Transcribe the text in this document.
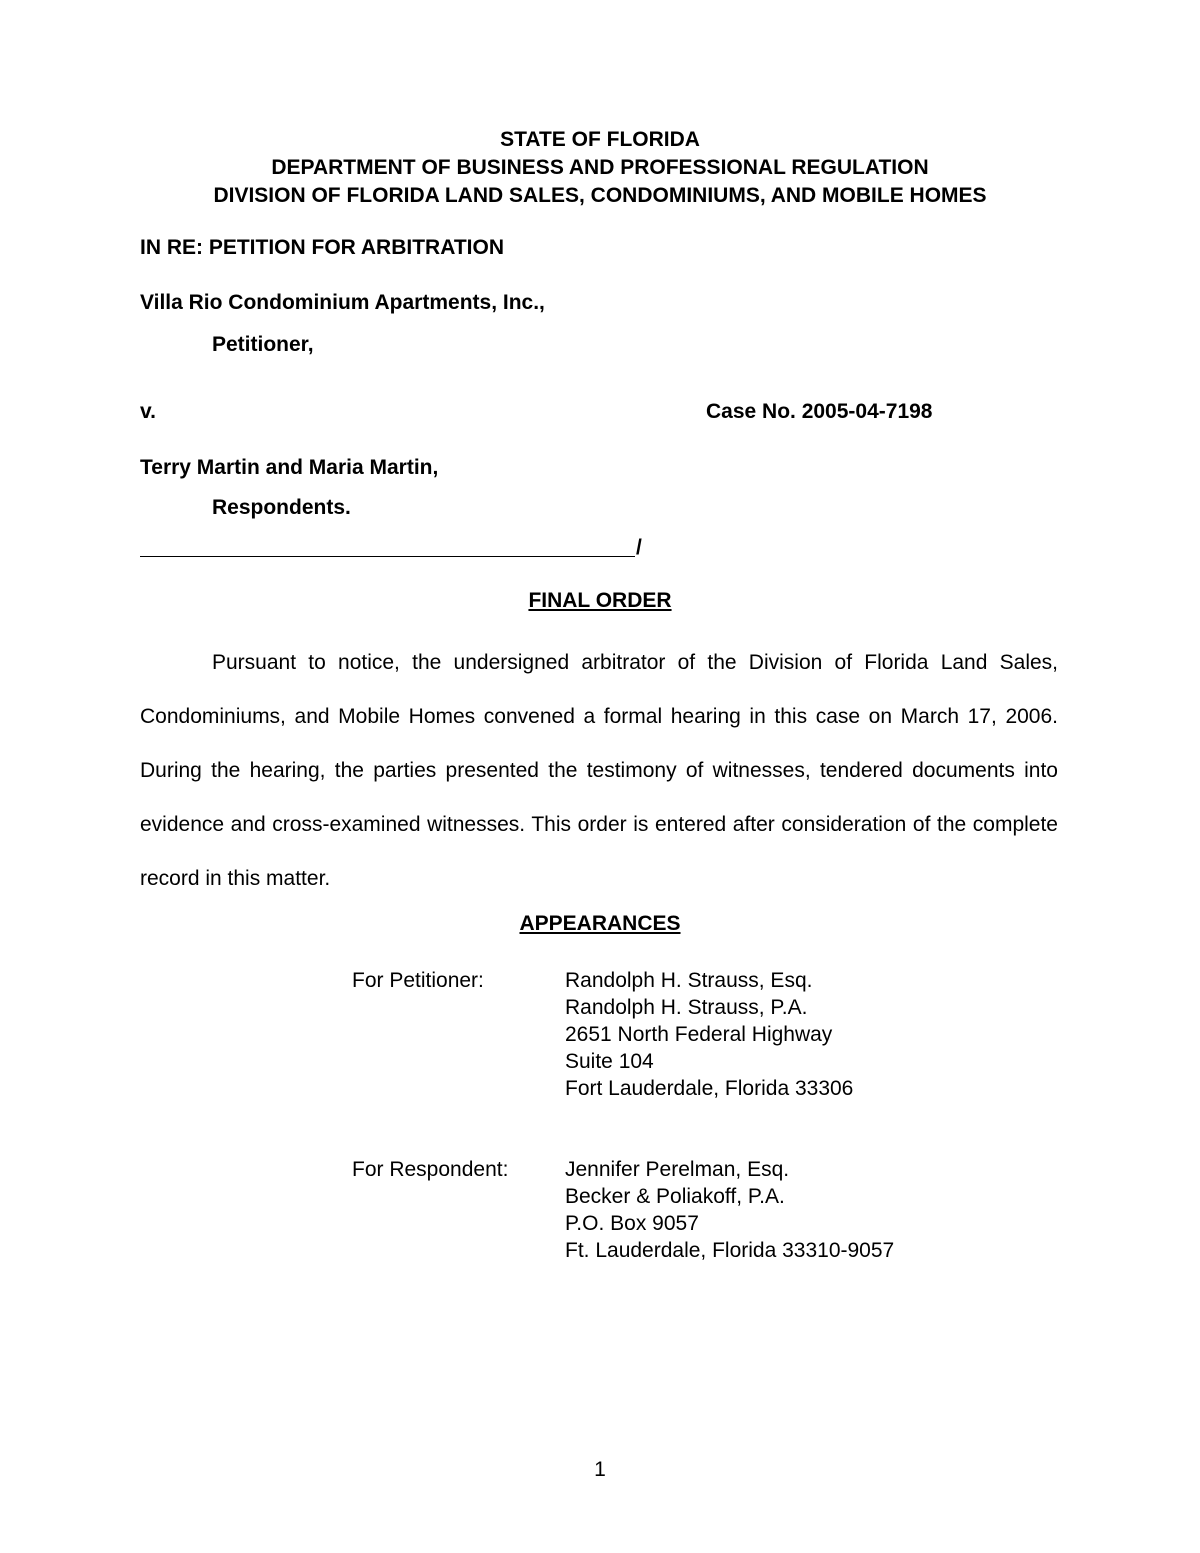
STATE OF FLORIDA
DEPARTMENT OF BUSINESS AND PROFESSIONAL REGULATION
DIVISION OF FLORIDA LAND SALES, CONDOMINIUMS, AND MOBILE HOMES
IN RE: PETITION FOR ARBITRATION
Villa Rio Condominium Apartments, Inc.,
Petitioner,
v.	Case No. 2005-04-7198
Terry Martin and Maria Martin,
Respondents.
/
FINAL ORDER
Pursuant to notice, the undersigned arbitrator of the Division of Florida Land Sales, Condominiums, and Mobile Homes convened a formal hearing in this case on March 17, 2006. During the hearing, the parties presented the testimony of witnesses, tendered documents into evidence and cross-examined witnesses. This order is entered after consideration of the complete record in this matter.
APPEARANCES
For Petitioner:	Randolph H. Strauss, Esq.
Randolph H. Strauss, P.A.
2651 North Federal Highway
Suite 104
Fort Lauderdale, Florida 33306
For Respondent:	Jennifer Perelman, Esq.
Becker & Poliakoff, P.A.
P.O. Box 9057
Ft. Lauderdale, Florida 33310-9057
1
